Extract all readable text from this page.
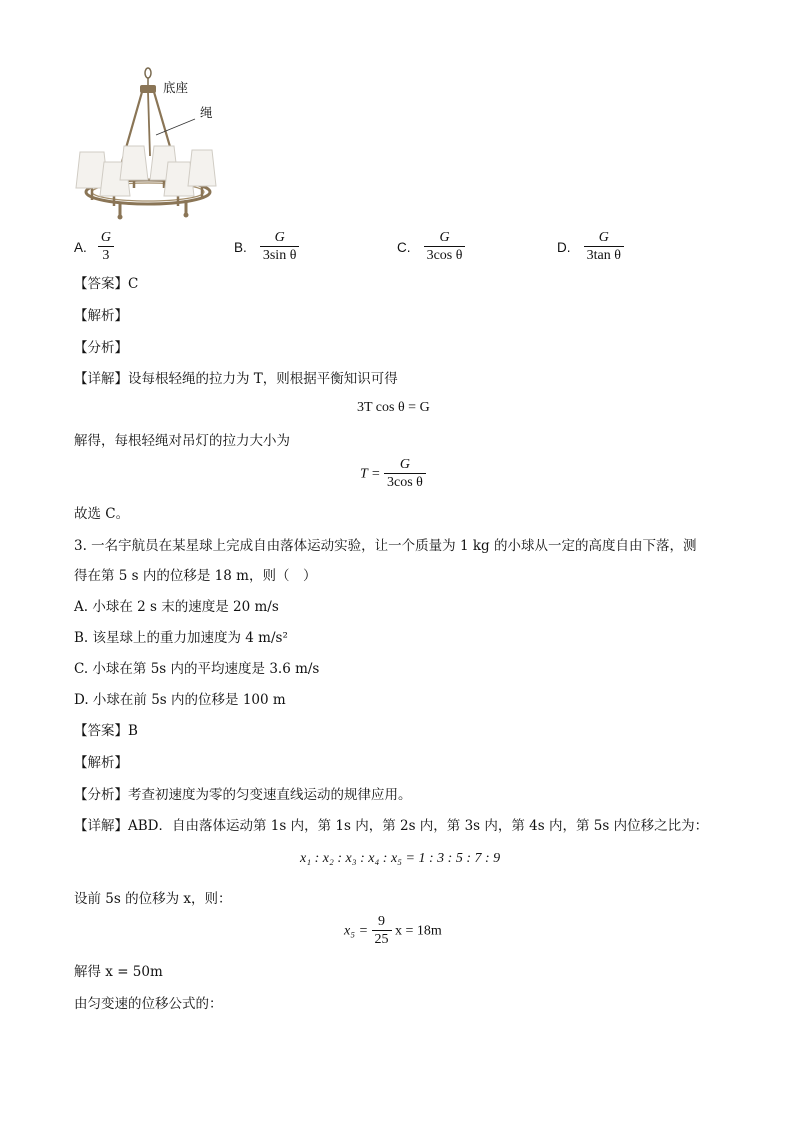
底座
绳
A. $\frac{G}{3}$	B. $\frac{G}{\text{3sin θ}}$	C. $\frac{G}{\text{3cos θ}}$	D. $\frac{G}{\text{3tan θ}}$
【答案】C
【解析】
【分析】
【详解】设每根轻绳的拉力为 T，则根据平衡知识可得
3T cos θ = G
解得，每根轻绳对吊灯的拉力大小为
$T = \frac{G}{\text{3cos θ}}$
故选 C。
3. 一名宇航员在某星球上完成自由落体运动实验，让一个质量为 1 kg 的小球从一定的高度自由下落，测
得在第 5 s 内的位移是 18 m，则（　）
A. 小球在 2 s 末的速度是 20 m/s
B. 该星球上的重力加速度为 4 m/s²
C. 小球在第 5s 内的平均速度是 3.6 m/s
D. 小球在前 5s 内的位移是 100 m
【答案】B
【解析】
【分析】考查初速度为零的匀变速直线运动的规律应用。
【详解】ABD．自由落体运动第 1s 内，第 1s 内，第 2s 内，第 3s 内，第 4s 内，第 5s 内位移之比为：
x₁ : x₂ : x₃ : x₄ : x₅ = 1 : 3 : 5 : 7 : 9
设前 5s 的位移为 x，则：
$x_5 = \frac{9}{25}$ x = 18m
解得 x = 50m
由匀变速的位移公式的：
